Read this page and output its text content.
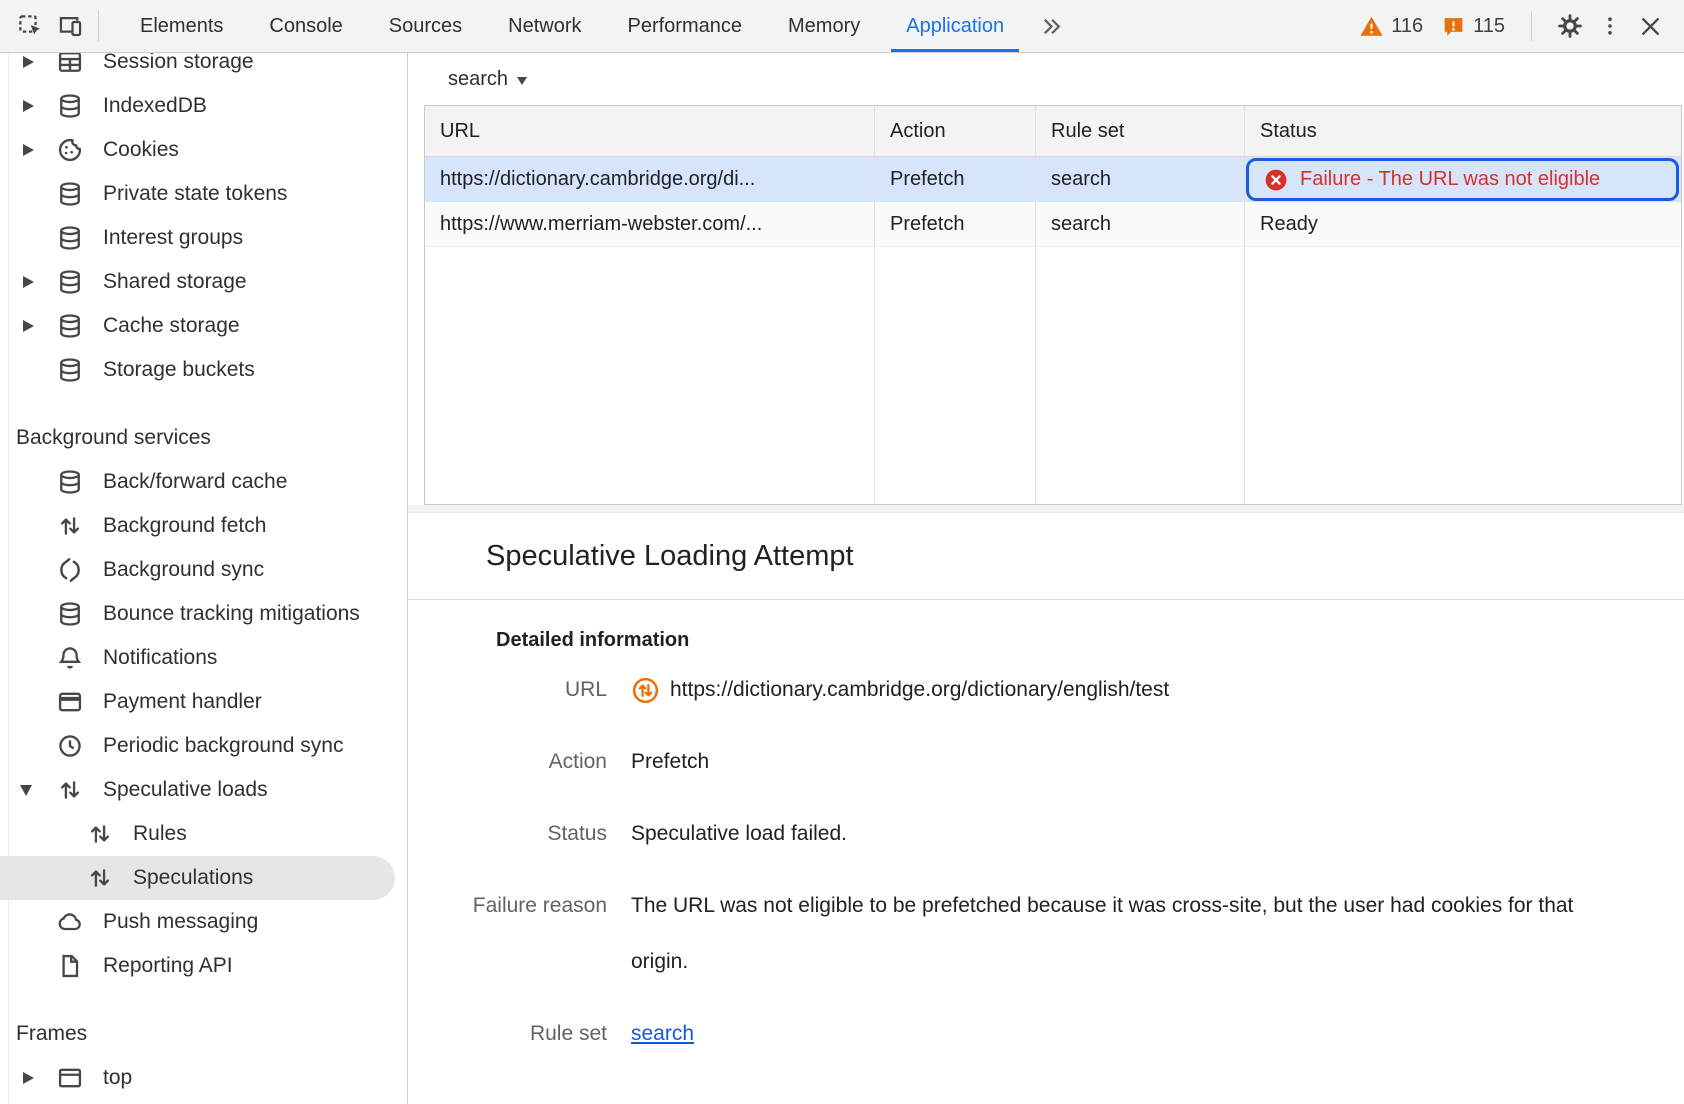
Elements	Console	Sources	Network	Performance	Memory	Application	116	115
Session storage
IndexedDB
Cookies
Private state tokens
Interest groups
Shared storage
Cache storage
Storage buckets
Background services
Back/forward cache
Background fetch
Background sync
Bounce tracking mitigations
Notifications
Payment handler
Periodic background sync
Speculative loads
Rules
Speculations
Push messaging
Reporting API
Frames
top
search
URL	Action	Rule set	Status
https://dictionary.cambridge.org/di...	Prefetch	search	Failure - The URL was not eligible
https://www.merriam-webster.com/...	Prefetch	search	Ready
Speculative Loading Attempt
Detailed information
URL	https://dictionary.cambridge.org/dictionary/english/test
Action Prefetch
Status Speculative load failed.
Failure reason The URL was not eligible to be prefetched because it was cross-site, but the user had cookies for that origin.
Rule set search
